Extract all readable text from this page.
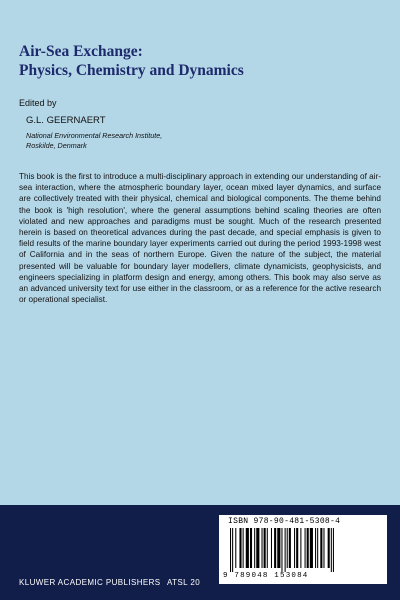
Air-Sea Exchange:
Physics, Chemistry and Dynamics
Edited by
G.L. GEERNAERT
National Environmental Research Institute,
Roskilde, Denmark

This book is the first to introduce a multi-disciplinary approach in extending our understanding of air-sea interaction, where the atmospheric boundary layer, ocean mixed layer dynamics, and surface are collectively treated with their physical, chemical and biological components. The theme behind the book is 'high resolution', where the general assumptions behind scaling theories are often violated and new approaches and paradigms must be sought. Much of the research presented herein is based on theoretical advances during the past decade, and special emphasis is given to field results of the marine boundary layer experiments carried out during the period 1993-1998 west of California and in the seas of northern Europe. Given the nature of the subject, the material presented will be valuable for boundary layer modellers, climate dynamicists, geophysicists, and engineers specializing in platform design and energy, among others. This book may also serve as an advanced university text for use either in the classroom, or as a reference for the active research or operational specialist.

ISBN 978-90-481-5308-4
9 789048 153084
KLUWER ACADEMIC PUBLISHERS ATSL 20
